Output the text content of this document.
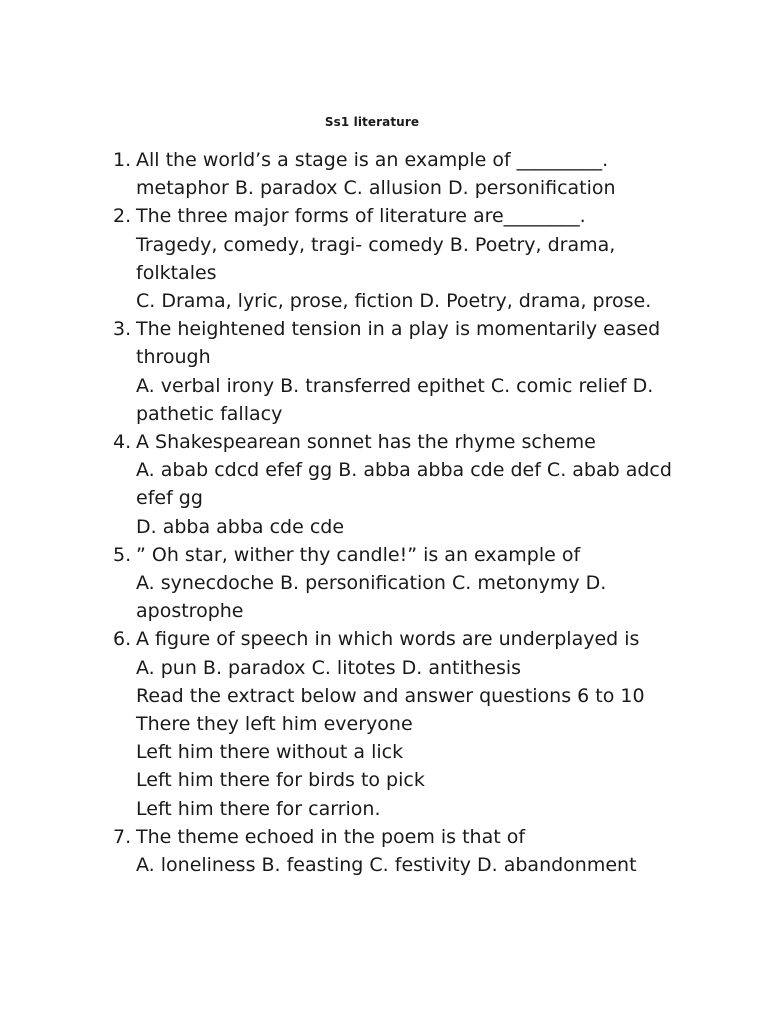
Ss1 literature
1. All the world’s a stage is an example of _________.
metaphor B. paradox C. allusion D. personification
2. The three major forms of literature are________.
Tragedy, comedy, tragi- comedy B. Poetry, drama,
folktales
C. Drama, lyric, prose, fiction D. Poetry, drama, prose.
3. The heightened tension in a play is momentarily eased
through
A. verbal irony B. transferred epithet C. comic relief D.
pathetic fallacy
4. A Shakespearean sonnet has the rhyme scheme
A. abab cdcd efef gg B. abba abba cde def C. abab adcd
efef gg
D. abba abba cde cde
5. ” Oh star, wither thy candle!” is an example of
A. synecdoche B. personification C. metonymy D.
apostrophe
6. A figure of speech in which words are underplayed is
A. pun B. paradox C. litotes D. antithesis
Read the extract below and answer questions 6 to 10
There they left him everyone
Left him there without a lick
Left him there for birds to pick
Left him there for carrion.
7. The theme echoed in the poem is that of
A. loneliness B. feasting C. festivity D. abandonment
